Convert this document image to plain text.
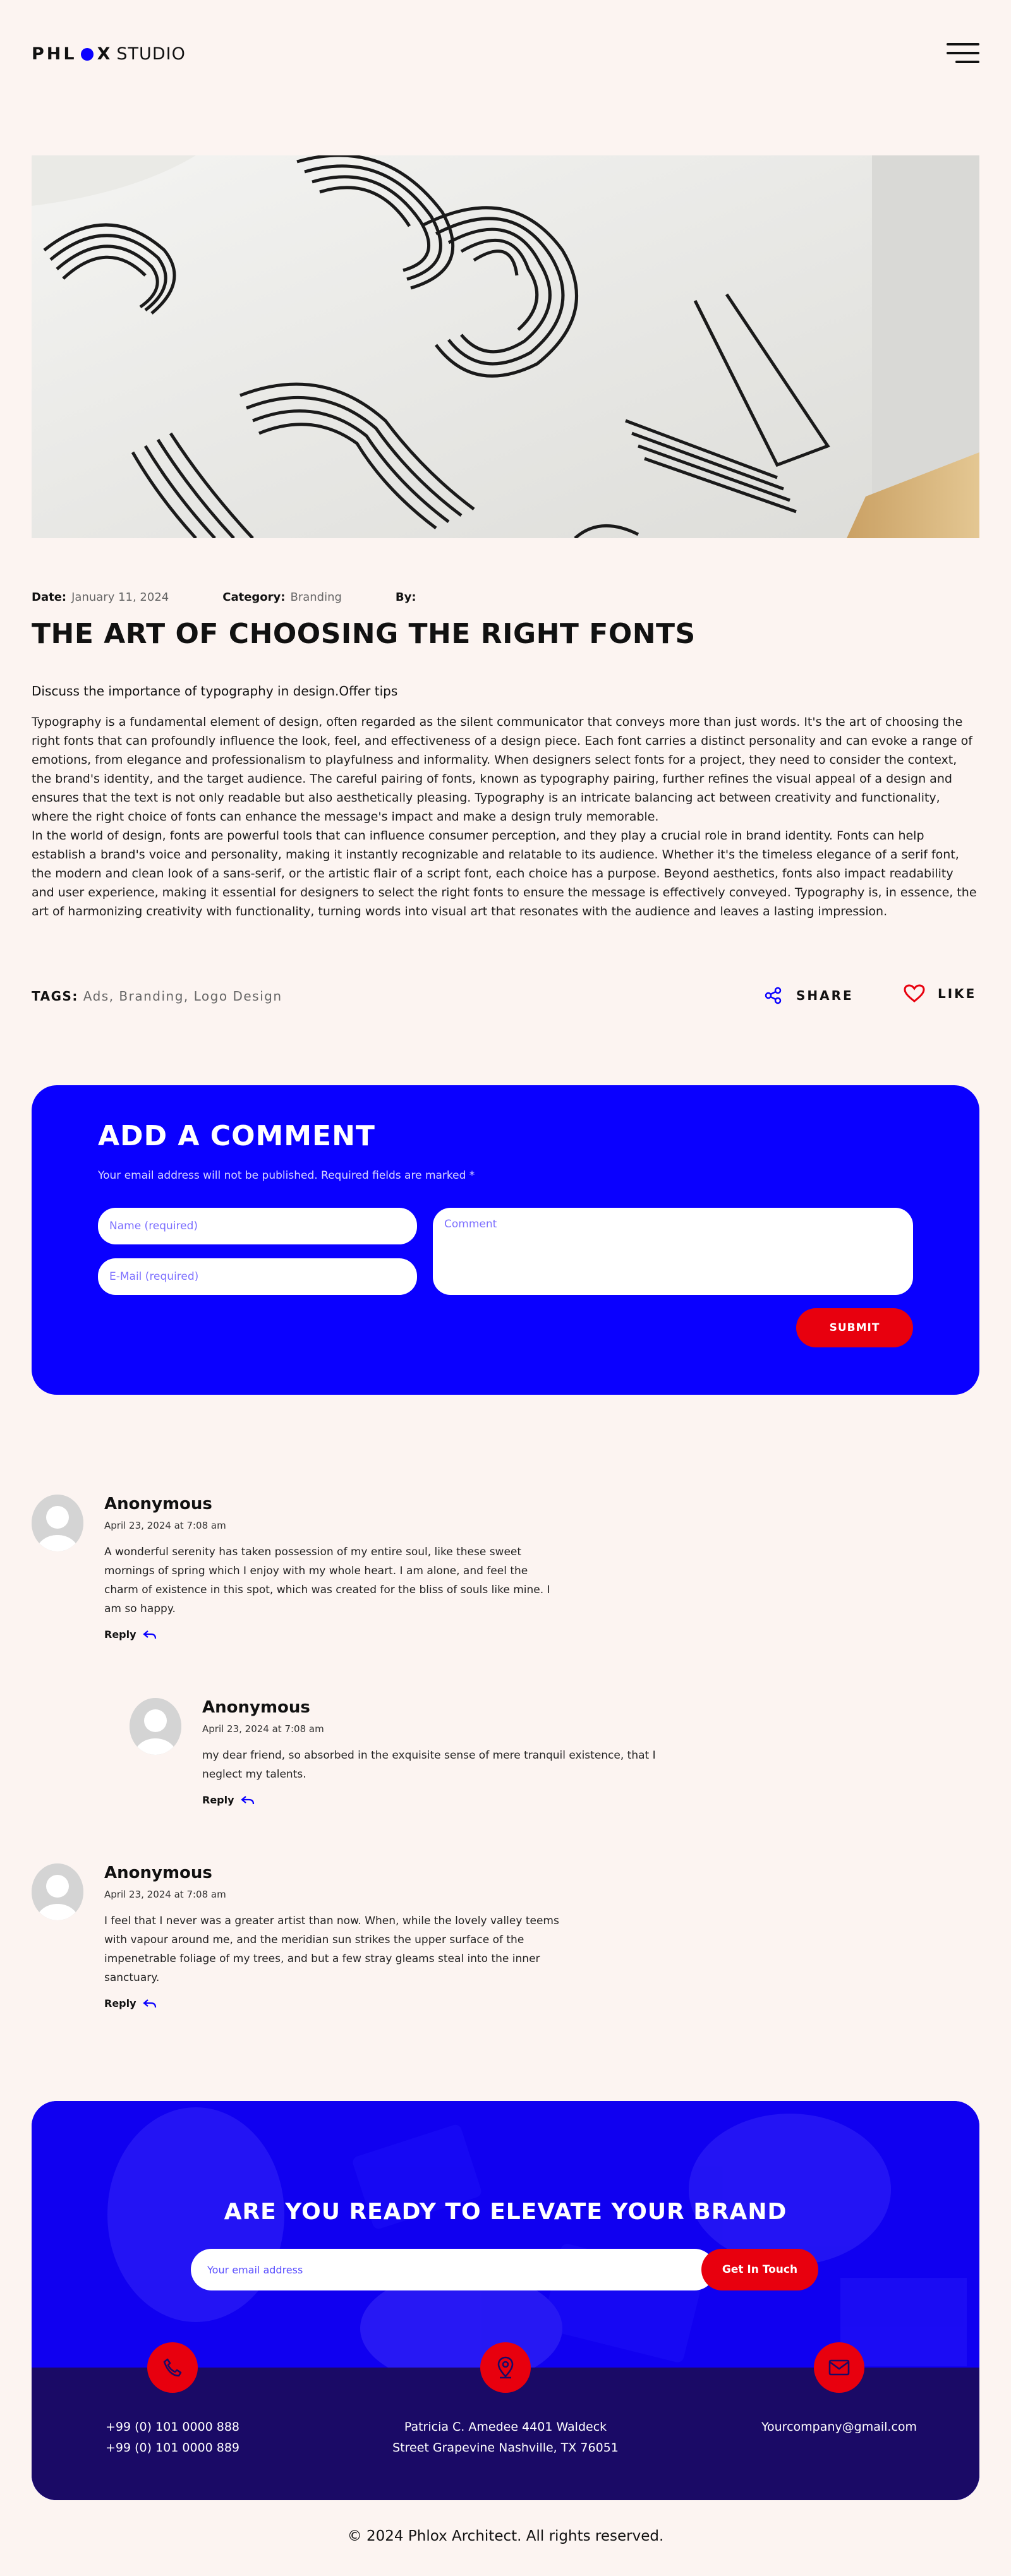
PHL X STUDIO
Date: January 11, 2024	Category: Branding	By:
THE ART OF CHOOSING THE RIGHT FONTS
Discuss the importance of typography in design.Offer tips

Typography is a fundamental element of design, often regarded as the silent communicator that conveys more than just words. It's the art of choosing the right fonts that can profoundly influence the look, feel, and effectiveness of a design piece. Each font carries a distinct personality and can evoke a range of emotions, from elegance and professionalism to playfulness and informality. When designers select fonts for a project, they need to consider the context, the brand's identity, and the target audience. The careful pairing of fonts, known as typography pairing, further refines the visual appeal of a design and ensures that the text is not only readable but also aesthetically pleasing. Typography is an intricate balancing act between creativity and functionality, where the right choice of fonts can enhance the message's impact and make a design truly memorable.

In the world of design, fonts are powerful tools that can influence consumer perception, and they play a crucial role in brand identity. Fonts can help establish a brand's voice and personality, making it instantly recognizable and relatable to its audience. Whether it's the timeless elegance of a serif font, the modern and clean look of a sans-serif, or the artistic flair of a script font, each choice has a purpose. Beyond aesthetics, fonts also impact readability and user experience, making it essential for designers to select the right fonts to ensure the message is effectively conveyed. Typography is, in essence, the art of harmonizing creativity with functionality, turning words into visual art that resonates with the audience and leaves a lasting impression.

TAGS: Ads, Branding, Logo Design	SHARE	LIKE
ADD A COMMENT
Your email address will not be published. Required fields are marked *
Name (required)
E-Mail (required)
Comment
SUBMIT
Anonymous
April 23, 2024 at 7:08 am
A wonderful serenity has taken possession of my entire soul, like these sweet
mornings of spring which I enjoy with my whole heart. I am alone, and feel the
charm of existence in this spot, which was created for the bliss of souls like mine. I
am so happy.
Reply
Anonymous
April 23, 2024 at 7:08 am
my dear friend, so absorbed in the exquisite sense of mere tranquil existence, that I
neglect my talents.
Reply
Anonymous
April 23, 2024 at 7:08 am
I feel that I never was a greater artist than now. When, while the lovely valley teems
with vapour around me, and the meridian sun strikes the upper surface of the
impenetrable foliage of my trees, and but a few stray gleams steal into the inner
sanctuary.
Reply
ARE YOU READY TO ELEVATE YOUR BRAND
Your email address
Get In Touch
+99 (0) 101 0000 888
+99 (0) 101 0000 889
Patricia C. Amedee 4401 Waldeck
Street Grapevine Nashville, TX 76051
Yourcompany@gmail.com
© 2024 Phlox Architect. All rights reserved.
